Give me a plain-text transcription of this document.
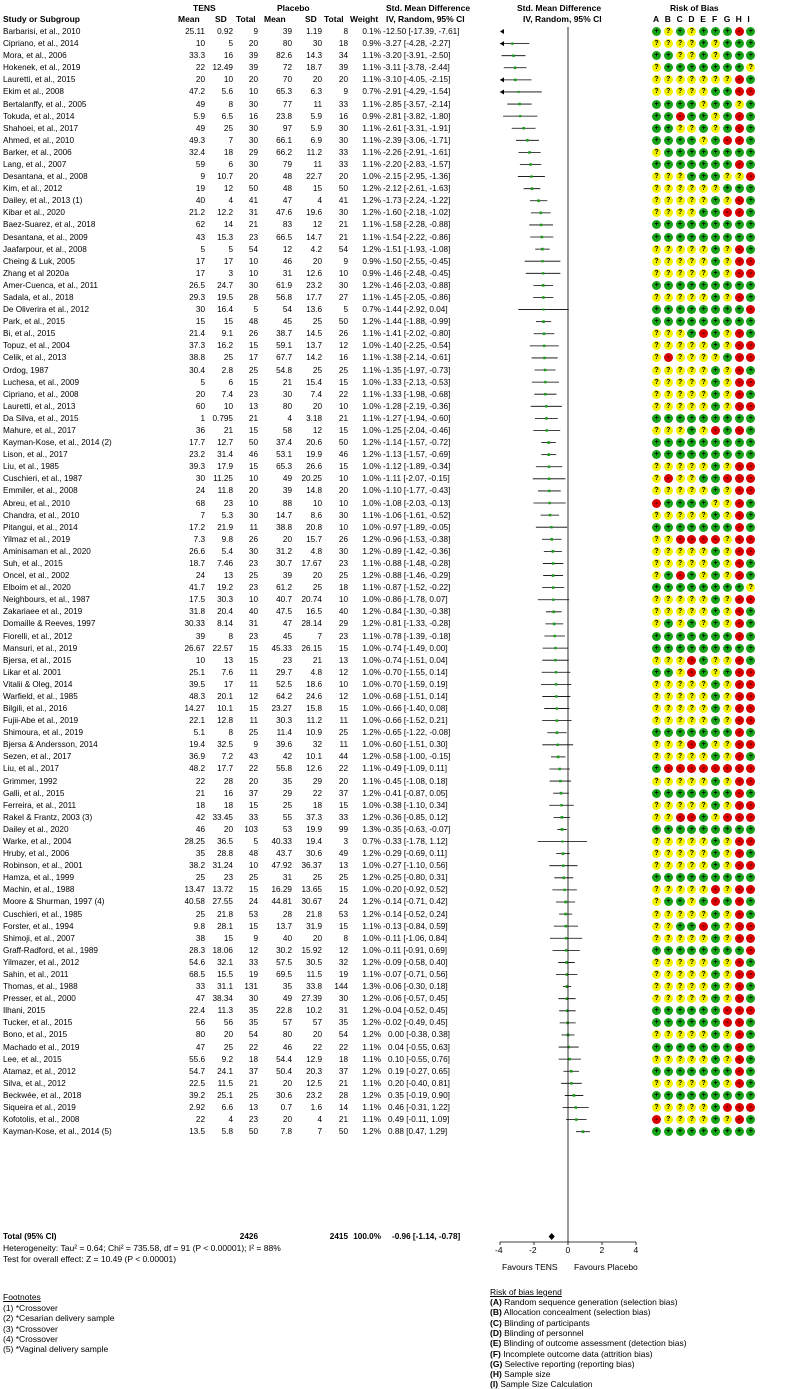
TENS	Placebo	Std. Mean Difference	Std. Mean Difference	Risk of Bias
Study or Subgroup	Mean SD Total Mean SD Total Weight IV, Random, 95% CI	IV, Random, 95% CI	A B C D E F G H I
Barbarisi, et al., 2010	25.11	0.92	9	39	1.19	8	0.1% -12.50 [-17.39, -7.61]	+	?	+	?	+	+	+	-	+
Cipriano, et al., 2014	10	5	20	80	30	18	0.9% -3.27 [-4.28, -2.27]	?	?	?	?	+	?	+	+	+
Mora, et al., 2006	33.3	16	39	82.6	14.3	34	1.1% -3.20 [-3.91, -2.50]	+	+	?	?	+	?	+	+	+
Hokenek, et al., 2019	22 12.49	39	72	18.7	39	1.1% -3.11 [-3.78, -2.44]	?	+	+	+	+	+	+	+	?
Lauretti, et al., 2015	20	10	20	70	20	20	1.1% -3.10 [-4.05, -2.15]	?	?	?	?	?	?	?	-	+
Ekim et al., 2008	47.2	5.6	10	65.3	6.3	9	0.7% -2.91 [-4.29, -1.54]	?	?	?	?	?	+	+	-	-
Bertalanffy, et al., 2005	49	8	30	77	11	33	1.1% -2.85 [-3.57, -2.14]	+	+	+	+	?	+	+	?	+
Tokuda, et al., 2014	5.9	6.5	16	23.8	5.9	16	0.9% -2.81 [-3.82, -1.80]	+	+	-	+	+	?	+	-	+
Shahoei, et al., 2017	49	25	30	97	5.9	30	1.1% -2.61 [-3.31, -1.91]	+	+	?	?	+	?	+	-	+
Ahmed, et al., 2010	49.3	7	30	66.1	6.9	30	1.1% -2.39 [-3.06, -1.71]	+	+	+	+	?	+	-	-	+
Barker, et al., 2006	32.4	18	29	66.2	11.2	33	1.1% -2.26 [-2.91, -1.61]	?	+	+	+	+	+	+	+	+
Lang, et al., 2007	59	6	30	79	11	33	1.1% -2.20 [-2.83, -1.57]	+	+	+	+	+	+	+	-	+
Desantana, et al., 2008	9	10.7	20	48	22.7	20	1.0% -2.15 [-2.95, -1.36]	?	?	?	+	+	+	?	?	-
Kim, et al., 2012	19	12	50	48	15	50	1.2% -2.12 [-2.61, -1.63]	?	?	?	?	?	?	+	+	+
Dailey, et al., 2013 (1)	40	4	41	47	4	41	1.2% -1.73 [-2.24, -1.22]	?	?	?	?	?	+	?	-	+
Kibar et al., 2020	21.2	12.2	31	47.6	19.6	30	1.2% -1.60 [-2.18, -1.02]	?	?	?	?	+	+	-	-	+
Baez-Suarez, et al., 2018	62	14	21	83	12	21	1.1% -1.58 [-2.28, -0.88]	+	+	+	+	+	+	+	+	+
Desantana, et al., 2009	43	15.3	23	66.5	14.7	21	1.1% -1.54 [-2.22, -0.86]	+	+	+	+	+	+	+	+	+
Jaafarpour, et al., 2008	5	5	54	12	4.2	54	1.2% -1.51 [-1.93, -1.08]	?	?	?	?	?	+	?	-	+
Cheing & Luk, 2005	17	17	10	46	20	9	0.9% -1.50 [-2.55, -0.45]	?	?	?	?	?	+	?	-	-
Zhang et al 2020a	17	3	10	31	12.6	10	0.9% -1.46 [-2.48, -0.45]	?	?	?	?	?	+	?	-	-
Amer-Cuenca, et al., 2011	26.5	24.7	30	61.9	23.2	30	1.2% -1.46 [-2.03, -0.88]	+	+	+	+	+	+	+	+	+
Sadala, et al., 2018	29.3	19.5	28	56.8	17.7	27	1.1% -1.45 [-2.05, -0.86]	?	?	?	?	?	+	?	-	+
De Oliverira et al., 2012	30	16.4	5	54	13.6	5	0.7% -1.44 [-2.92, 0.04]	+	+	+	+	+	+	+	+	-
Park, et al., 2015	15	15	48	45	25	50	1.2% -1.44 [-1.88, -0.99]	+	+	+	+	+	+	+	+	+
Bi, et al., 2015	21.4	9.1	26	38.7	14.5	26	1.1% -1.41 [-2.02, -0.80]	?	?	?	+	-	+	?	-	+
Topuz, et al., 2004	37.3	16.2	15	59.1	13.7	12	1.0% -1.40 [-2.25, -0.54]	?	?	?	?	?	+	?	-	-
Celik, et al., 2013	38.8	25	17	67.7	14.2	16	1.1% -1.38 [-2.14, -0.61]	?	-	?	?	?	?	+	-	-
Ordog, 1987	30.4	2.8	25	54.8	25	25	1.1% -1.35 [-1.97, -0.73]	?	?	?	?	?	+	?	-	+
Luchesa, et al., 2009	5	6	15	21	15.4	15	1.0% -1.33 [-2.13, -0.53]	?	?	?	?	?	+	?	-	-
Cipriano, et al., 2008	20	7.4	23	30	7.4	22	1.1% -1.33 [-1.98, -0.68]	?	?	?	?	?	+	?	-	+
Lauretti, et al., 2013	60	10	13	80	20	10	1.0% -1.28 [-2.19, -0.36]	?	?	?	?	?	+	?	-	-
Da Silva, et al., 2015	1 0.795	21	4	3.18	21	1.1% -1.27 [-1.94, -0.60]	+	+	+	+	+	+	+	+	+
Mahure, et al., 2017	36	21	15	58	12	15	1.0% -1.25 [-2.04, -0.46]	?	?	?	+	?	-	+	-	+
Kayman-Kose, et al., 2014 (2)	17.7	12.7	50	37.4	20.6	50	1.2% -1.14 [-1.57, -0.72]	+	+	+	+	+	+	+	+	+
Lison, et al., 2017	23.2	31.4	46	53.1	19.9	46	1.2% -1.13 [-1.57, -0.69]	+	+	+	+	+	+	+	+	+
Liu, et al., 1985	39.3	17.9	15	65.3	26.6	15	1.0% -1.12 [-1.89, -0.34]	?	?	?	?	?	+	?	-	-
Cuschieri, et al., 1987	30 11.25	10	49	20.25	10	1.0% -1.11 [-2.07, -0.15]	?	-	?	?	+	+	-	-	-
Emmiler, et al., 2008	24	11.8	20	39	14.8	20	1.0% -1.10 [-1.77, -0.43]	?	?	?	?	?	+	?	-	-
Abreu, et al., 2010	68	23	10	88	10	10	1.0% -1.08 [-2.03, -0.13]	-	+	+	+	+	?	?	-	+
Chandra, et al., 2010	7	5.3	30	14.7	8.6	30	1.1% -1.06 [-1.61, -0.52]	?	?	?	?	?	+	?	-	+
Pitangui, et al., 2014	17.2	21.9	11	38.8	20.8	10	1.0% -0.97 [-1.89, -0.05]	+	+	+	+	+	+	+	-	+
Yilmaz et al., 2019	7.3	9.8	26	20	15.7	26	1.2% -0.96 [-1.53, -0.38]	?	?	-	-	-	-	?	-	-
Aminisaman et al., 2020	26.6	5.4	30	31.2	4.8	30	1.2% -0.89 [-1.42, -0.36]	?	?	?	?	?	+	?	-	-
Suh, et al., 2015	18.7	7.46	23	30.7	17.67	23	1.1% -0.88 [-1.48, -0.28]	?	?	?	?	?	+	?	-	+
Oncel, et al., 2002	24	13	25	39	20	25	1.2% -0.88 [-1.46, -0.29]	?	+	-	+	?	+	?	-	+
Elboim et al., 2020	41.7	19.2	23	61.2	25	18	1.1% -0.87 [-1.52, -0.22]	+	+	+	+	+	+	+	+	?
Neighbours, et al., 1987	17.5	30.3	10	40.7	20.74	10	1.0% -0.86 [-1.78, 0.07]	?	?	?	?	?	+	?	-	-
Zakariaee et al., 2019	31.8	20.4	40	47.5	16.5	40	1.2% -0.84 [-1.30, -0.38]	?	?	?	?	?	+	?	-	+
Domaille & Reeves, 1997	30.33	8.14	31	47	28.14	29	1.2% -0.81 [-1.33, -0.28]	?	+	?	+	?	+	?	-	+
Fiorelli, et al., 2012	39	8	23	45	7	23	1.1% -0.78 [-1.39, -0.18]	+	+	+	+	+	+	+	-	+
Mansuri, et al., 2019	26.67 22.57	15	45.33	26.15	15	1.0% -0.74 [-1.49, 0.00]	+	+	+	+	+	+	+	+	+
Bjersa, et al., 2015	10	13	15	23	21	13	1.0% -0.74 [-1.51, 0.04]	?	?	?	-	+	?	?	-	+
Likar et al. 2001	25.1	7.6	11	29.7	4.8	12	1.0% -0.70 [-1.55, 0.14]	+	+	?	-	+	?	+	-	-
Vitalii & Oleg, 2014	39.5	17	11	52.5	18.6	10	1.0% -0.70 [-1.59, 0.19]	?	?	?	?	?	+	?	-	-
Warfield, et al., 1985	48.3	20.1	12	64.2	24.6	12	1.0% -0.68 [-1.51, 0.14]	?	?	?	?	?	+	?	-	-
Bilgili, et al., 2016	14.27	10.1	15	23.27	15.8	15	1.0% -0.66 [-1.40, 0.08]	?	?	?	?	?	+	?	-	-
Fujii-Abe et al., 2019	22.1	12.8	11	30.3	11.2	11	1.0% -0.66 [-1.52, 0.21]	?	?	?	?	?	+	?	-	-
Shimoura, et al., 2019	5.1	8	25	11.4	10.9	25	1.2% -0.65 [-1.22, -0.08]	+	+	+	+	+	+	+	-	+
Bjersa & Andersson, 2014	19.4	32.5	9	39.6	32	11	1.0% -0.60 [-1.51, 0.30]	?	?	?	-	+	?	?	-	-
Sezen, et al., 2017	36.9	7.2	43	42	10.1	44	1.2% -0.58 [-1.00, -0.15]	?	?	?	?	?	+	?	-	+
Liu, et al., 2017	48.2	17.7	22	55.8	12.6	22	1.1% -0.49 [-1.09, 0.11]	+	-	-	-	-	-	-	-	-
Grimmer, 1992	22	28	20	35	29	20	1.1% -0.45 [-1.08, 0.18]	?	?	?	?	?	+	?	-	-
Galli, et al., 2015	21	16	37	29	22	37	1.2% -0.41 [-0.87, 0.05]	+	+	+	+	+	+	+	-	+
Ferreira, et al., 2011	18	18	15	25	18	15	1.0% -0.38 [-1.10, 0.34]	?	?	?	?	?	+	?	-	-
Rakel & Frantz, 2003 (3)	42 33.45	33	55	37.3	33	1.2% -0.36 [-0.85, 0.12]	?	?	-	-	+	?	-	-	-
Dailey et al., 2020	46	20	103	53	19.9	99	1.3% -0.35 [-0.63, -0.07]	+	+	+	+	+	+	+	+	+
Warke, et al., 2004	28.25	36.5	5	40.33	19.4	3	0.7% -0.33 [-1.78, 1.12]	?	?	?	?	?	+	?	-	-
Hruby, et al., 2006	35	28.8	48	43.7	30.6	49	1.2% -0.29 [-0.69, 0.11]	?	?	?	?	?	+	?	-	+
Robinson, et al., 2001	38.2 31.24	10	47.92	36.37	13	1.0% -0.27 [-1.10, 0.56]	?	?	?	?	?	+	?	-	-
Hamza, et al., 1999	25	23	25	31	25	25	1.2% -0.25 [-0.80, 0.31]	+	+	+	+	+	+	+	+	+
Machin, et al., 1988	13.47 13.72	15	16.29	13.65	15	1.0% -0.20 [-0.92, 0.52]	?	?	?	?	?	-	?	-	-
Moore & Shurman, 1997 (4)	40.58 27.55	24	44.81	30.67	24	1.2% -0.14 [-0.71, 0.42]	?	+	+	?	+	-	+	-	+
Cuschieri, et al., 1985	25	21.8	53	28	21.8	53	1.2% -0.14 [-0.52, 0.24]	?	?	?	?	?	+	?	-	+
Forster, et al., 1994	9.8	28.1	15	13.7	31.9	15	1.1% -0.13 [-0.84, 0.59]	?	?	+	+	-	+	?	-	-
Shimoji, et al., 2007	38	15	9	40	20	8	1.0% -0.11 [-1.06, 0.84]	?	?	?	?	?	+	?	-	-
Graff-Radford, et al., 1989	28.3 18.06	12	30.2	15.92	12	1.0% -0.11 [-0.91, 0.69]	+	+	+	+	+	+	+	+	-
Yilmazer, et al., 2012	54.6	32.1	33	57.5	30.5	32	1.2% -0.09 [-0.58, 0.40]	?	?	?	?	?	+	?	-	+
Sahin, et al., 2011	68.5	15.5	19	69.5	11.5	19	1.1% -0.07 [-0.71, 0.56]	?	?	?	?	?	+	?	-	-
Thomas, et al., 1988	33	31.1	131	35	33.8	144	1.3% -0.06 [-0.30, 0.18]	?	?	?	?	?	+	?	-	+
Presser, et al., 2000	47 38.34	30	49	27.39	30	1.2% -0.06 [-0.57, 0.45]	?	?	?	?	?	+	?	-	+
Ilhani, 2015	22.4	11.3	35	22.8	10.2	31	1.2% -0.04 [-0.52, 0.45]	+	+	+	+	+	+	-	-	-
Tucker, et al., 2015	56	56	35	57	57	35	1.2% -0.02 [-0.49, 0.45]	+	+	+	+	+	+	-	-	+
Bono, et al., 2015	80	20	54	80	20	54	1.2% 0.00 [-0.38, 0.38]	?	?	?	?	?	+	?	-	+
Machado et al., 2019	47	25	22	46	22	22	1.1% 0.04 [-0.55, 0.63]	+	+	+	+	+	+	+	-	+
Lee, et al., 2015	55.6	9.2	18	54.4	12.9	18	1.1% 0.10 [-0.55, 0.76]	?	?	?	?	?	+	?	-	+
Atamaz, et al., 2012	54.7	24.1	37	50.4	20.3	37	1.2% 0.19 [-0.27, 0.65]	+	+	+	+	+	+	+	-	+
Silva, et al., 2012	22.5	11.5	21	20	12.5	21	1.1% 0.20 [-0.40, 0.81]	?	?	?	?	?	+	?	-	+
Beckwée, et al., 2018	39.2	25.1	25	30.6	23.2	28	1.2% 0.35 [-0.19, 0.90]	+	+	+	+	+	+	+	+	+
Siqueira et al., 2019	2.92	6.6	13	0.7	1.6	14	1.1% 0.46 [-0.31, 1.22]	?	?	?	?	?	+	-	-	-
Kofotolis, et al., 2008	22	4	23	20	4	21	1.1% 0.49 [-0.11, 1.09]	-	?	?	?	?	+	?	-	+
Kayman-Kose, et al., 2014 (5)	13.5	5.8	50	7.8	7	50	1.2% 0.88 [0.47, 1.29]	+	+	+	+	+	+	+	+	+
Total (95% CI)	2426	2415 100.0% -0.96 [-1.14, -0.78]
Heterogeneity: Tau² = 0.64; Chi² = 735.58, df = 91 (P < 0.00001); I² = 88%
Test for overall effect: Z = 10.49 (P < 0.00001)
-4	-2	0	2	4
Favours TENS Favours Placebo
Footnotes
(1) *Crossover
(2) *Cesarian delivery sample
(3) *Crossover
(4) *Crossover
(5) *Vaginal delivery sample
Risk of bias legend
(A) Random sequence generation (selection bias)
(B) Allocation concealment (selection bias)
(C) Blinding of participants
(D) Blinding of personnel
(E) Blinding of outcome assessment (detection bias)
(F) Incomplete outcome data (attrition bias)
(G) Selective reporting (reporting bias)
(H) Sample size
(I) Sample Size Calculation
